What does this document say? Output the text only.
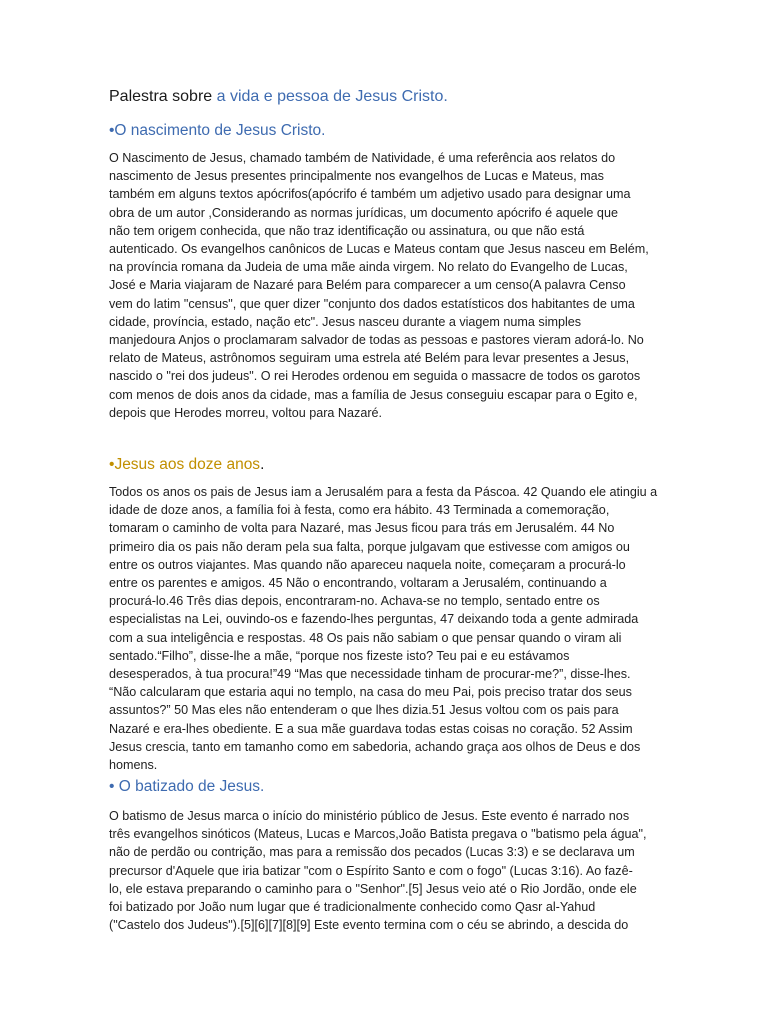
Palestra sobre a vida e pessoa de Jesus Cristo.
•O nascimento de Jesus Cristo.
O Nascimento de Jesus, chamado também de Natividade, é uma referência aos relatos do
nascimento de Jesus presentes principalmente nos evangelhos de Lucas e Mateus, mas
também em alguns textos apócrifos(apócrifo é também um adjetivo usado para designar uma
obra de um autor ,Considerando as normas jurídicas, um documento apócrifo é aquele que
não tem origem conhecida, que não traz identificação ou assinatura, ou que não está
autenticado. Os evangelhos canônicos de Lucas e Mateus contam que Jesus nasceu em Belém,
na província romana da Judeia de uma mãe ainda virgem. No relato do Evangelho de Lucas,
José e Maria viajaram de Nazaré para Belém para comparecer a um censo(A palavra Censo
vem do latim "census", que quer dizer "conjunto dos dados estatísticos dos habitantes de uma
cidade, província, estado, nação etc". Jesus nasceu durante a viagem numa simples
manjedoura Anjos o proclamaram salvador de todas as pessoas e pastores vieram adorá-lo. No
relato de Mateus, astrônomos seguiram uma estrela até Belém para levar presentes a Jesus,
nascido o "rei dos judeus". O rei Herodes ordenou em seguida o massacre de todos os garotos
com menos de dois anos da cidade, mas a família de Jesus conseguiu escapar para o Egito e,
depois que Herodes morreu, voltou para Nazaré.
•Jesus aos doze anos.
Todos os anos os pais de Jesus iam a Jerusalém para a festa da Páscoa. 42 Quando ele atingiu a
idade de doze anos, a família foi à festa, como era hábito. 43 Terminada a comemoração,
tomaram o caminho de volta para Nazaré, mas Jesus ficou para trás em Jerusalém. 44 No
primeiro dia os pais não deram pela sua falta, porque julgavam que estivesse com amigos ou
entre os outros viajantes. Mas quando não apareceu naquela noite, começaram a procurá-lo
entre os parentes e amigos. 45 Não o encontrando, voltaram a Jerusalém, continuando a
procurá-lo.46 Três dias depois, encontraram-no. Achava-se no templo, sentado entre os
especialistas na Lei, ouvindo-os e fazendo-lhes perguntas, 47 deixando toda a gente admirada
com a sua inteligência e respostas. 48 Os pais não sabiam o que pensar quando o viram ali
sentado.“Filho”, disse-lhe a mãe, “porque nos fizeste isto? Teu pai e eu estávamos
desesperados, à tua procura!”49 “Mas que necessidade tinham de procurar-me?”, disse-lhes.
“Não calcularam que estaria aqui no templo, na casa do meu Pai, pois preciso tratar dos seus
assuntos?” 50 Mas eles não entenderam o que lhes dizia.51 Jesus voltou com os pais para
Nazaré e era-lhes obediente. E a sua mãe guardava todas estas coisas no coração. 52 Assim
Jesus crescia, tanto em tamanho como em sabedoria, achando graça aos olhos de Deus e dos
homens.
• O batizado de Jesus.
O batismo de Jesus marca o início do ministério público de Jesus. Este evento é narrado nos
três evangelhos sinóticos (Mateus, Lucas e Marcos,João Batista pregava o "batismo pela água",
não de perdão ou contrição, mas para a remissão dos pecados (Lucas 3:3) e se declarava um
precursor d'Aquele que iria batizar "com o Espírito Santo e com o fogo" (Lucas 3:16). Ao fazê-
lo, ele estava preparando o caminho para o "Senhor".[5] Jesus veio até o Rio Jordão, onde ele
foi batizado por João num lugar que é tradicionalmente conhecido como Qasr al-Yahud
("Castelo dos Judeus").[5][6][7][8][9] Este evento termina com o céu se abrindo, a descida do
